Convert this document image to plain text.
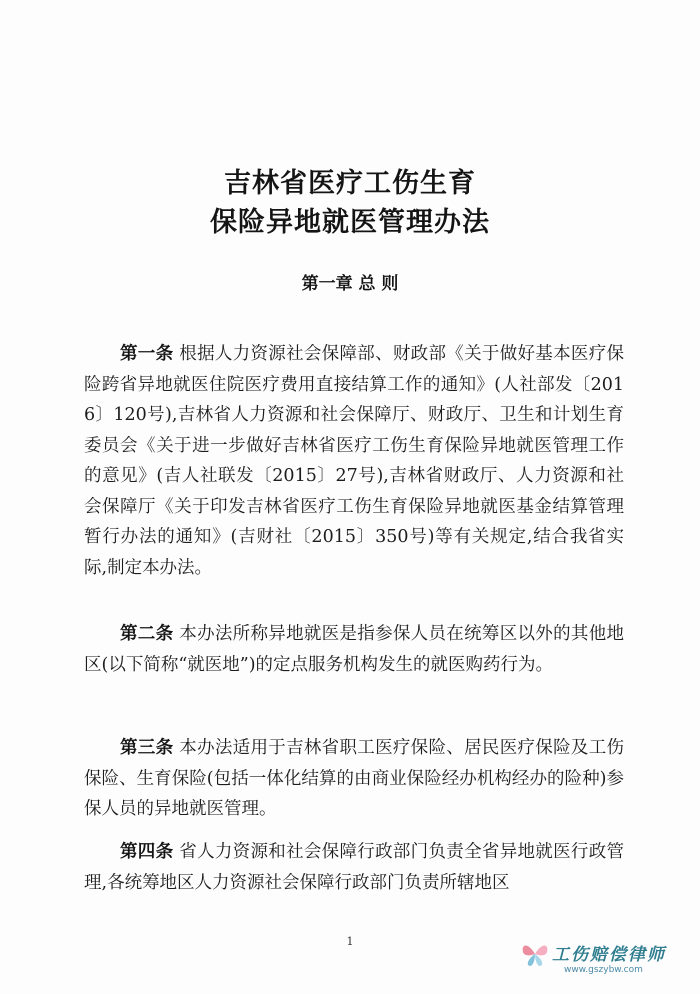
吉林省医疗工伤生育
保险异地就医管理办法
第一章 总 则

第一条 根据人力资源社会保障部、财政部《关于做好基本医疗保险跨省异地就医住院医疗费用直接结算工作的通知》(人社部发〔2016〕120号),吉林省人力资源和社会保障厅、财政厅、卫生和计划生育委员会《关于进一步做好吉林省医疗工伤生育保险异地就医管理工作的意见》(吉人社联发〔2015〕27号),吉林省财政厅、人力资源和社会保障厅《关于印发吉林省医疗工伤生育保险异地就医基金结算管理暂行办法的通知》(吉财社〔2015〕350号)等有关规定,结合我省实际,制定本办法。

第二条 本办法所称异地就医是指参保人员在统筹区以外的其他地区(以下简称“就医地”)的定点服务机构发生的就医购药行为。

第三条 本办法适用于吉林省职工医疗保险、居民医疗保险及工伤保险、生育保险(包括一体化结算的由商业保险经办机构经办的险种)参保人员的异地就医管理。

第四条 省人力资源和社会保障行政部门负责全省异地就医行政管理,各统筹地区人力资源社会保障行政部门负责所辖地区

1
工伤赔偿律师
www.gszybw.com
